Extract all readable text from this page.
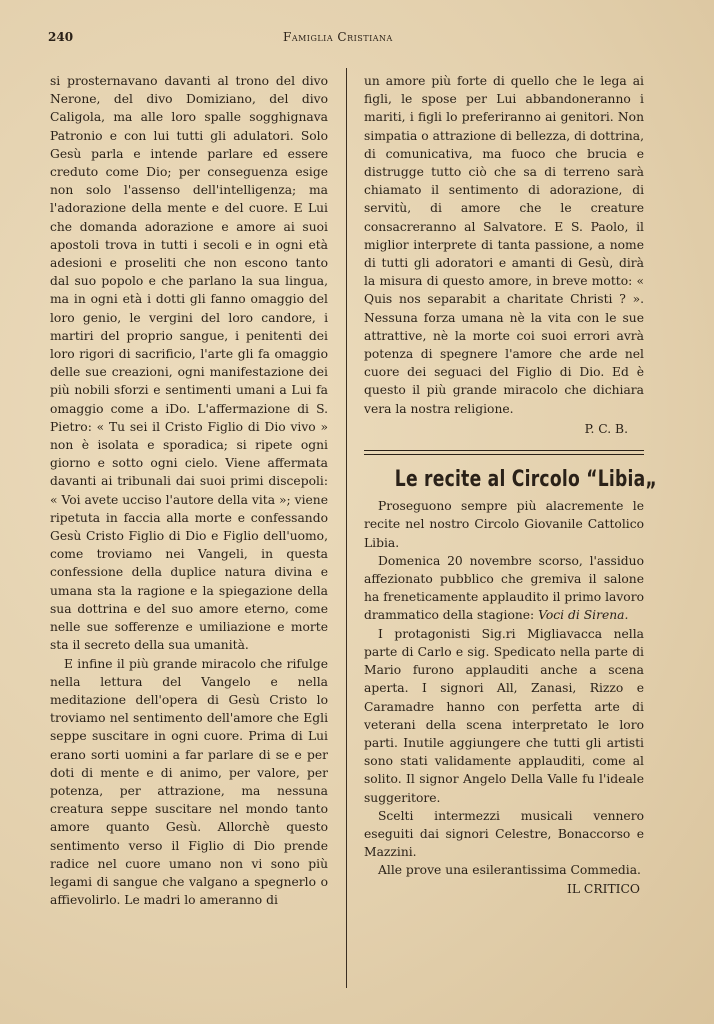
240	Famiglia Cristiana

si prosternavano davanti al trono del divo Nerone, del divo Domiziano, del divo Caligola, ma alle loro spalle sogghignava Patronio e con lui tutti gli adulatori. Solo Gesù parla e intende parlare ed essere creduto come Dio; per conseguenza esige non solo l'assenso dell'intelligenza; ma l'adorazione della mente e del cuore. E Lui che domanda adorazione e amore ai suoi apostoli trova in tutti i secoli e in ogni età adesioni e proseliti che non escono tanto dal suo popolo e che parlano la sua lingua, ma in ogni età i dotti gli fanno omaggio del loro genio, le vergini del loro candore, i martiri del proprio sangue, i penitenti dei loro rigori di sacrificio, l'arte gli fa omaggio delle sue creazioni, ogni manifestazione dei più nobili sforzi e sentimenti umani a Lui fa omaggio come a iDo. L'affermazione di S. Pietro: « Tu sei il Cristo Figlio di Dio vivo » non è isolata e sporadica; si ripete ogni giorno e sotto ogni cielo. Viene affermata davanti ai tribunali dai suoi primi discepoli: « Voi avete ucciso l'autore della vita »; viene ripetuta in faccia alla morte e confessando Gesù Cristo Figlio di Dio e Figlio dell'uomo, come troviamo nei Vangeli, in questa confessione della duplice natura divina e umana sta la ragione e la spiegazione della sua dottrina e del suo amore eterno, come nelle sue sofferenze e umiliazione e morte sta il secreto della sua umanità.

E infine il più grande miracolo che rifulge nella lettura del Vangelo e nella meditazione dell'opera di Gesù Cristo lo troviamo nel sentimento dell'amore che Egli seppe suscitare in ogni cuore. Prima di Lui erano sorti uomini a far parlare di se e per doti di mente e di animo, per valore, per potenza, per attrazione, ma nessuna creatura seppe suscitare nel mondo tanto amore quanto Gesù. Allorchè questo sentimento verso il Figlio di Dio prende radice nel cuore umano non vi sono più legami di sangue che valgano a spegnerlo o affievolirlo. Le madri lo ameranno di

un amore più forte di quello che le lega ai figli, le spose per Lui abbandoneranno i mariti, i figli lo preferiranno ai genitori. Non simpatia o attrazione di bellezza, di dottrina, di comunicativa, ma fuoco che brucia e distrugge tutto ciò che sa di terreno sarà chiamato il sentimento di adorazione, di servitù, di amore che le creature consacreranno al Salvatore. E S. Paolo, il miglior interprete di tanta passione, a nome di tutti gli adoratori e amanti di Gesù, dirà la misura di questo amore, in breve motto: « Quis nos separabit a charitate Christi ? ». Nessuna forza umana nè la vita con le sue attrattive, nè la morte coi suoi errori avrà potenza di spegnere l'amore che arde nel cuore dei seguaci del Figlio di Dio. Ed è questo il più grande miracolo che dichiara vera la nostra religione.

P. C. B.

Le recite al Circolo “Libia„

Proseguono sempre più alacremente le recite nel nostro Circolo Giovanile Cattolico Libia.

Domenica 20 novembre scorso, l'assiduo affezionato pubblico che gremiva il salone ha freneticamente applaudito il primo lavoro drammatico della stagione: Voci di Sirena.

I protagonisti Sig.ri Migliavacca nella parte di Carlo e sig. Spedicato nella parte di Mario furono applauditi anche a scena aperta. I signori All, Zanasi, Rizzo e Caramadre hanno con perfetta arte di veterani della scena interpretato le loro parti. Inutile aggiungere che tutti gli artisti sono stati validamente applauditi, come al solito. Il signor Angelo Della Valle fu l'ideale suggeritore.

Scelti intermezzi musicali vennero eseguiti dai signori Celestre, Bonaccorso e Mazzini.

Alle prove una esilerantissima Commedia.

IL CRITICO
